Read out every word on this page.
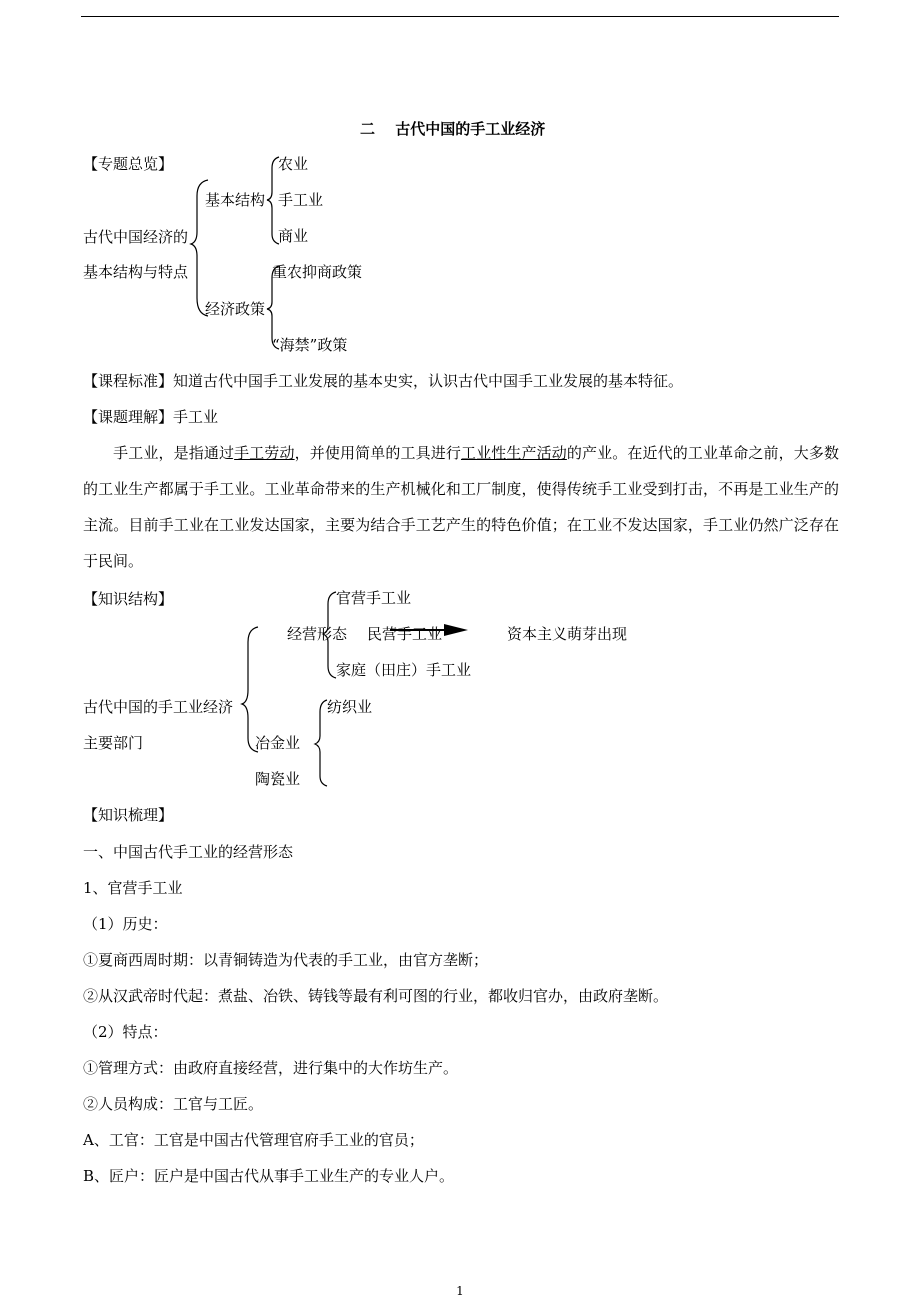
二　 古代中国的手工业经济
【专题总览】
古代中国经济的
基本结构与特点
基本结构
经济政策
农业
手工业
商业
重农抑商政策
“海禁”政策
【课程标准】知道古代中国手工业发展的基本史实，认识古代中国手工业发展的基本特征。
【课题理解】手工业
手工业，是指通过手工劳动，并使用简单的工具进行工业性生产活动的产业。在近代的工业革命之前，大多数的工业生产都属于手工业。工业革命带来的生产机械化和工厂制度，使得传统手工业受到打击，不再是工业生产的主流。目前手工业在工业发达国家，主要为结合手工艺产生的特色价值；在工业不发达国家，手工业仍然广泛存在于民间。
【知识结构】
经营形态
官营手工业
民营手工业
家庭（田庄）手工业
资本主义萌芽出现
古代中国的手工业经济
主要部门
纺织业
冶金业
陶瓷业
【知识梳理】
一、中国古代手工业的经营形态
1、官营手工业
（1）历史：
①夏商西周时期：以青铜铸造为代表的手工业，由官方垄断；
②从汉武帝时代起：煮盐、冶铁、铸钱等最有利可图的行业，都收归官办，由政府垄断。
（2）特点：
①管理方式：由政府直接经营，进行集中的大作坊生产。
②人员构成：工官与工匠。
A、工官：工官是中国古代管理官府手工业的官员；
B、匠户：匠户是中国古代从事手工业生产的专业人户。
1
